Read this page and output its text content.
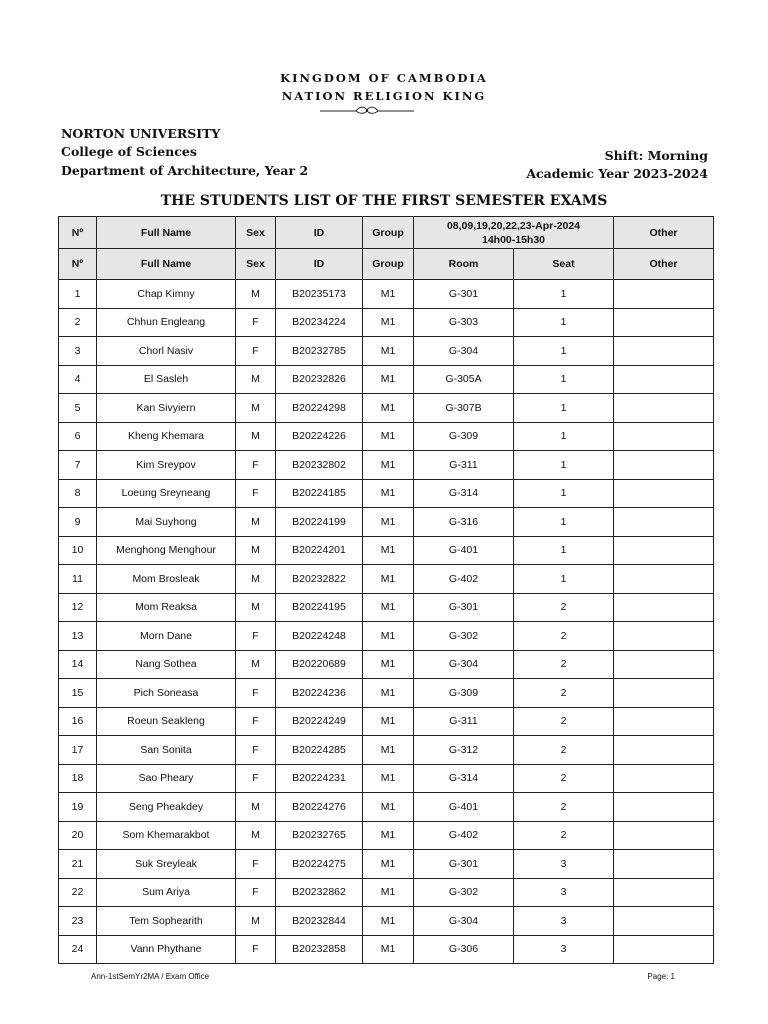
KINGDOM OF CAMBODIA
NATION RELIGION KING
NORTON UNIVERSITY
College of Sciences
Department of Architecture, Year 2
Shift: Morning
Academic Year 2023-2024
THE STUDENTS LIST OF THE FIRST SEMESTER EXAMS
Nº	Full Name	Sex	ID	Group	08,09,19,20,22,23-Apr-2024
14h00-15h30		Other
Nº	Full Name	Sex	ID	Group	Room	Seat	Other
1	Chap Kimny	M	B20235173	M1	G-301	1	
2	Chhun Engleang	F	B20234224	M1	G-303	1	
3	Chorl Nasiv	F	B20232785	M1	G-304	1	
4	El Sasleh	M	B20232826	M1	G-305A	1	
5	Kan Sivyiern	M	B20224298	M1	G-307B	1	
6	Kheng Khemara	M	B20224226	M1	G-309	1	
7	Kim Sreypov	F	B20232802	M1	G-311	1	
8	Loeung Sreyneang	F	B20224185	M1	G-314	1	
9	Mai Suyhong	M	B20224199	M1	G-316	1	
10	Menghong Menghour	M	B20224201	M1	G-401	1	
11	Mom Brosleak	M	B20232822	M1	G-402	1	
12	Mom Reaksa	M	B20224195	M1	G-301	2	
13	Morn Dane	F	B20224248	M1	G-302	2	
14	Nang Sothea	M	B20220689	M1	G-304	2	
15	Pich Soneasa	F	B20224236	M1	G-309	2	
16	Roeun Seakleng	F	B20224249	M1	G-311	2	
17	San Sonita	F	B20224285	M1	G-312	2	
18	Sao Pheary	F	B20224231	M1	G-314	2	
19	Seng Pheakdey	M	B20224276	M1	G-401	2	
20	Som Khemarakbot	M	B20232765	M1	G-402	2	
21	Suk Sreyleak	F	B20224275	M1	G-301	3	
22	Sum Ariya	F	B20232862	M1	G-302	3	
23	Tem Sophearith	M	B20232844	M1	G-304	3	
24	Vann Phythane	F	B20232858	M1	G-306	3	
Ann-1stSemYr2MA / Exam Office	Page: 1
